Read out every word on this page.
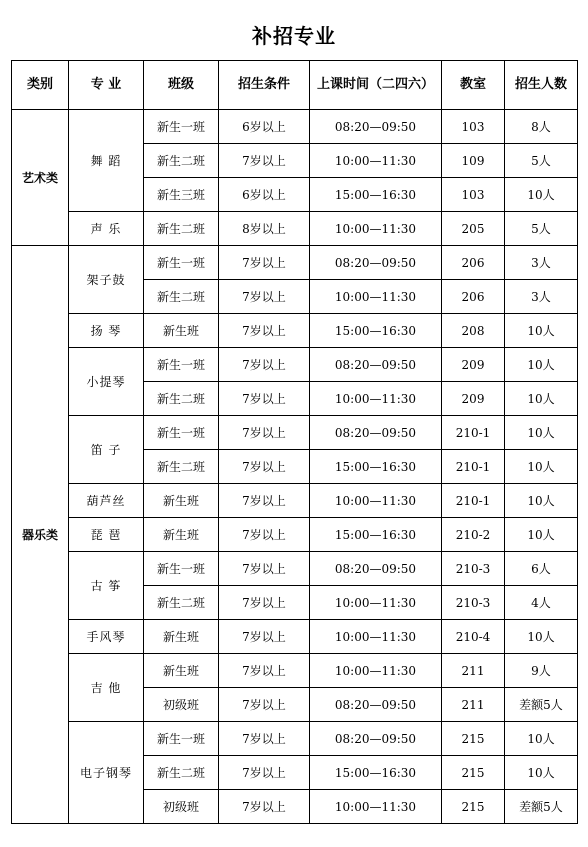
补招专业
类别	专 业	班级	招生条件	上课时间（二四六）	教室	招生人数
艺术类	舞 蹈	新生一班	6岁以上	08:20—09:50	103	8人
		新生二班	7岁以上	10:00—11:30	109	5人
		新生三班	6岁以上	15:00—16:30	103	10人
	声 乐	新生二班	8岁以上	10:00—11:30	205	5人
器乐类	架子鼓	新生一班	7岁以上	08:20—09:50	206	3人
		新生二班	7岁以上	10:00—11:30	206	3人
	扬 琴	新生班	7岁以上	15:00—16:30	208	10人
	小提琴	新生一班	7岁以上	08:20—09:50	209	10人
		新生二班	7岁以上	10:00—11:30	209	10人
	笛 子	新生一班	7岁以上	08:20—09:50	210-1	10人
		新生二班	7岁以上	15:00—16:30	210-1	10人
	葫芦丝	新生班	7岁以上	10:00—11:30	210-1	10人
	琵 琶	新生班	7岁以上	15:00—16:30	210-2	10人
	古 筝	新生一班	7岁以上	08:20—09:50	210-3	6人
		新生二班	7岁以上	10:00—11:30	210-3	4人
	手风琴	新生班	7岁以上	10:00—11:30	210-4	10人
	吉 他	新生班	7岁以上	10:00—11:30	211	9人
		初级班	7岁以上	08:20—09:50	211	差额5人
	电子钢琴	新生一班	7岁以上	08:20—09:50	215	10人
		新生二班	7岁以上	15:00—16:30	215	10人
		初级班	7岁以上	10:00—11:30	215	差额5人
